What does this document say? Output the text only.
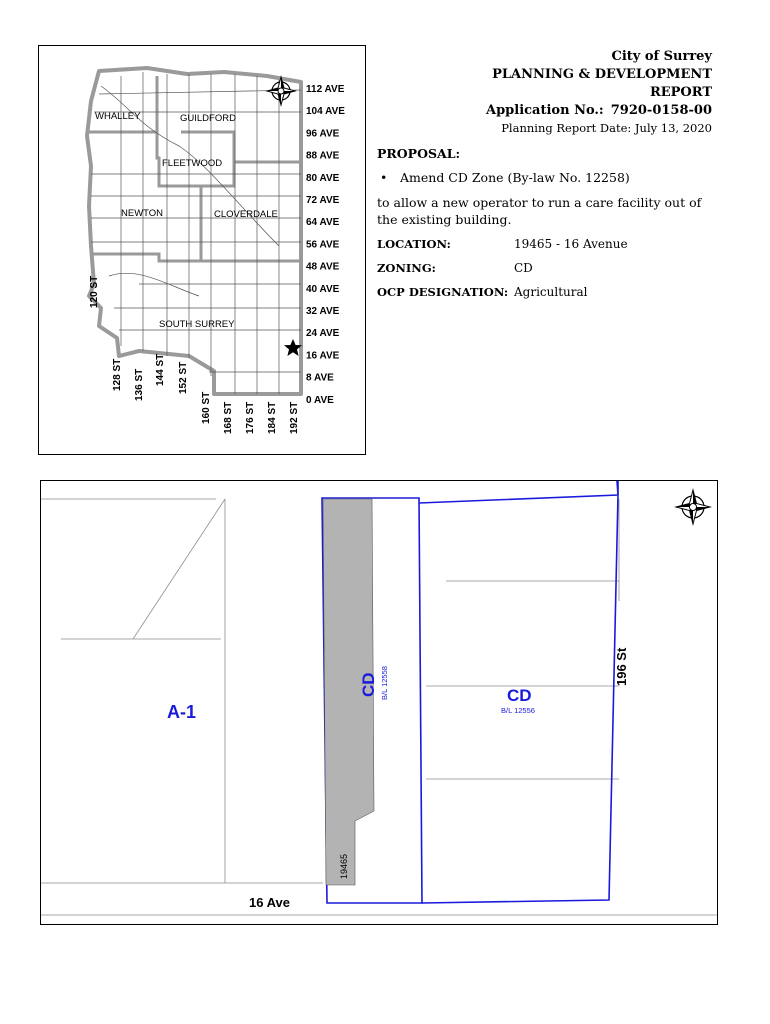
WHALLEY	GUILDFORD
FLEETWOOD
NEWTON	CLOVERDALE
SOUTH SURREY
112 AVE
104 AVE
96 AVE
88 AVE
80 AVE
72 AVE
64 AVE
56 AVE
48 AVE
40 AVE
32 AVE
24 AVE
16 AVE
8 AVE
0 AVE
120 ST
128 ST 136 ST 144 ST 152 ST
160 ST 168 ST 176 ST 184 ST 192 ST
City of Surrey
PLANNING & DEVELOPMENT REPORT
Application No.: 7920-0158-00
Planning Report Date: July 13, 2020
PROPOSAL:
•	Amend CD Zone (By-law No. 12258)
to allow a new operator to run a care facility out of the existing building.
LOCATION:	19465 - 16 Avenue
ZONING:	CD
OCP DESIGNATION: Agricultural
A-1
CD B/L 12558	CD
B/L 12556
196 St
16 Ave
19465
